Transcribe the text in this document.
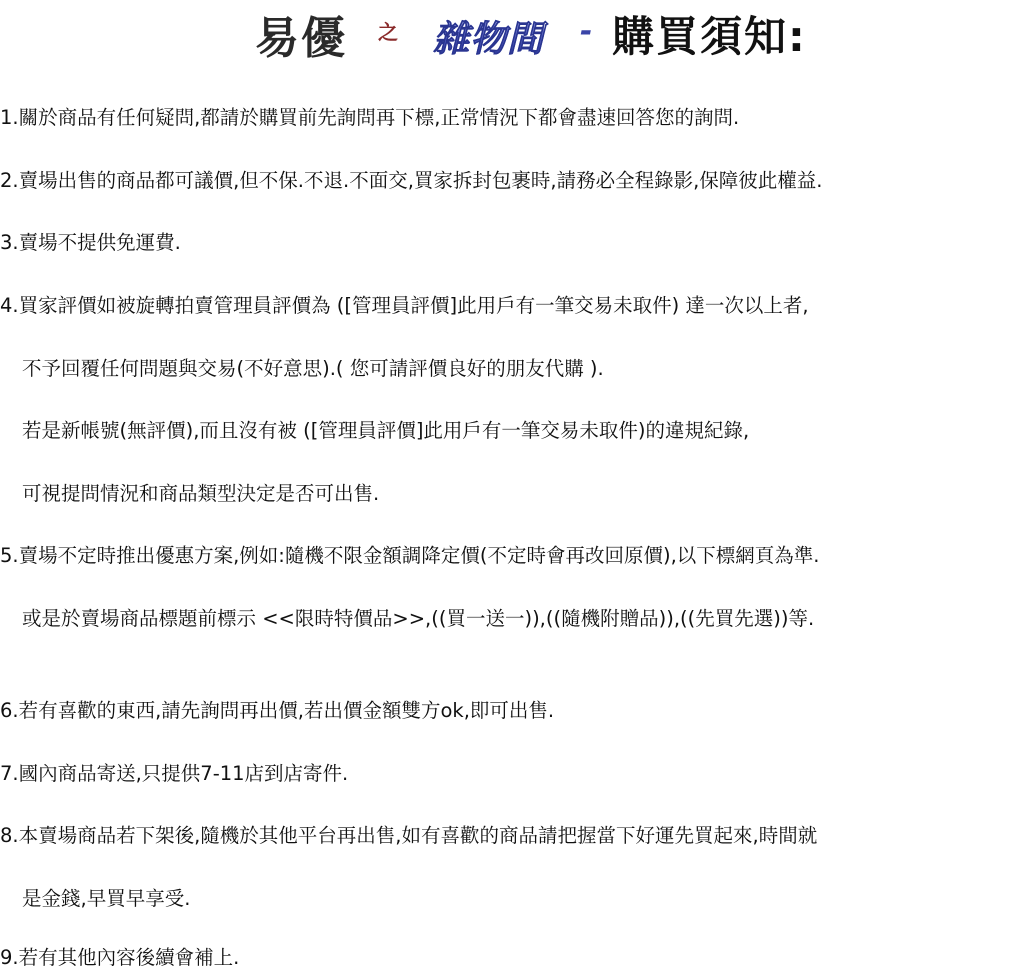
易優 之 雜物間 - 購買須知:
1.關於商品有任何疑問,都請於購買前先詢問再下標,正常情況下都會盡速回答您的詢問.
2.賣場出售的商品都可議價,但不保.不退.不面交,買家拆封包裹時,請務必全程錄影,保障彼此權益.
3.賣場不提供免運費.
4.買家評價如被旋轉拍賣管理員評價為 ([管理員評價]此用戶有一筆交易未取件) 達一次以上者,
不予回覆任何問題與交易(不好意思).( 您可請評價良好的朋友代購 ).
若是新帳號(無評價),而且沒有被 ([管理員評價]此用戶有一筆交易未取件)的違規紀錄,
可視提問情況和商品類型決定是否可出售.
5.賣場不定時推出優惠方案,例如:隨機不限金額調降定價(不定時會再改回原價),以下標網頁為準.
或是於賣場商品標題前標示 <<限時特價品>>,((買一送一)),((隨機附贈品)),((先買先選))等.
6.若有喜歡的東西,請先詢問再出價,若出價金額雙方ok,即可出售.
7.國內商品寄送,只提供7-11店到店寄件.
8.本賣場商品若下架後,隨機於其他平台再出售,如有喜歡的商品請把握當下好運先買起來,時間就
是金錢,早買早享受.
9.若有其他內容後續會補上.
